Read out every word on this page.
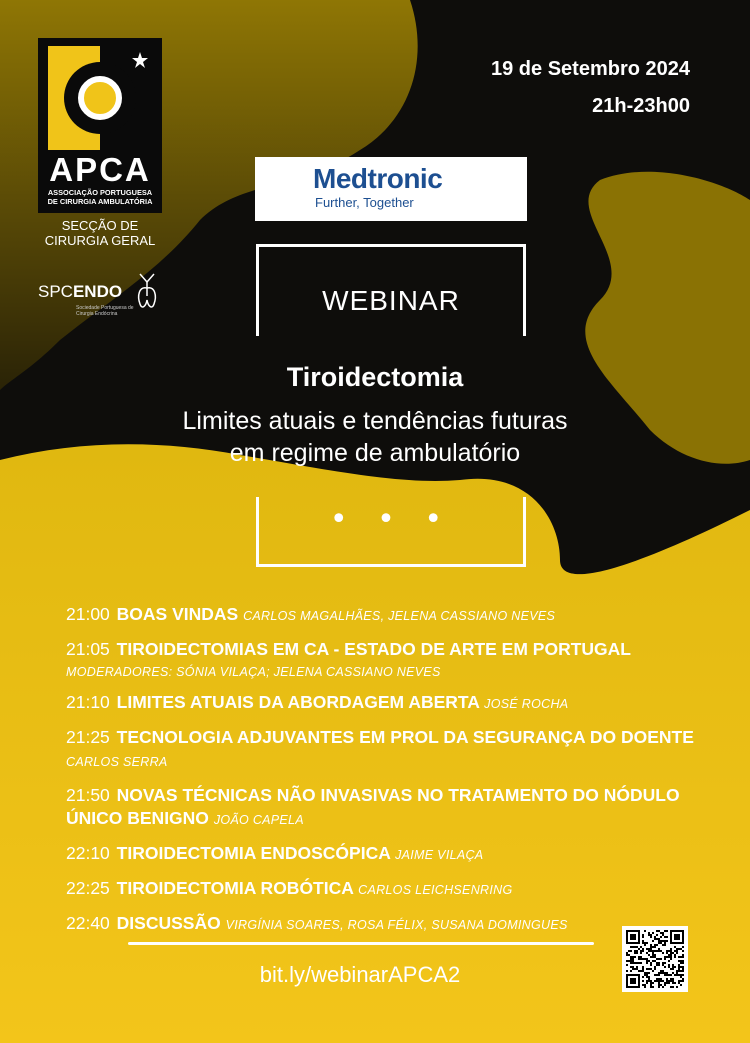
APCA
ASSOCIAÇÃO PORTUGUESA DE CIRURGIA AMBULATÓRIA
SECÇÃO DE
CIRURGIA GERAL
SPCENDO
Sociedade Portuguesa de Cirurgia Endócrina
19 de Setembro 2024
21h-23h00
Medtronic
Further, Together
WEBINAR
Tiroidectomia
Limites atuais e tendências futuras
em regime de ambulatório
• • •
21:00 BOAS VINDAS CARLOS MAGALHÃES, JELENA CASSIANO NEVES
21:05 TIROIDECTOMIAS EM CA - ESTADO DE ARTE EM PORTUGAL
MODERADORES: SÓNIA VILAÇA; JELENA CASSIANO NEVES
21:10 LIMITES ATUAIS DA ABORDAGEM ABERTA JOSÉ ROCHA
21:25 TECNOLOGIA ADJUVANTES EM PROL DA SEGURANÇA DO DOENTE CARLOS SERRA
21:50 NOVAS TÉCNICAS NÃO INVASIVAS NO TRATAMENTO DO NÓDULO ÚNICO BENIGNO JOÃO CAPELA
22:10 TIROIDECTOMIA ENDOSCÓPICA JAIME VILAÇA
22:25 TIROIDECTOMIA ROBÓTICA CARLOS LEICHSENRING
22:40 DISCUSSÃO VIRGÍNIA SOARES, ROSA FÉLIX, SUSANA DOMINGUES
bit.ly/webinarAPCA2
